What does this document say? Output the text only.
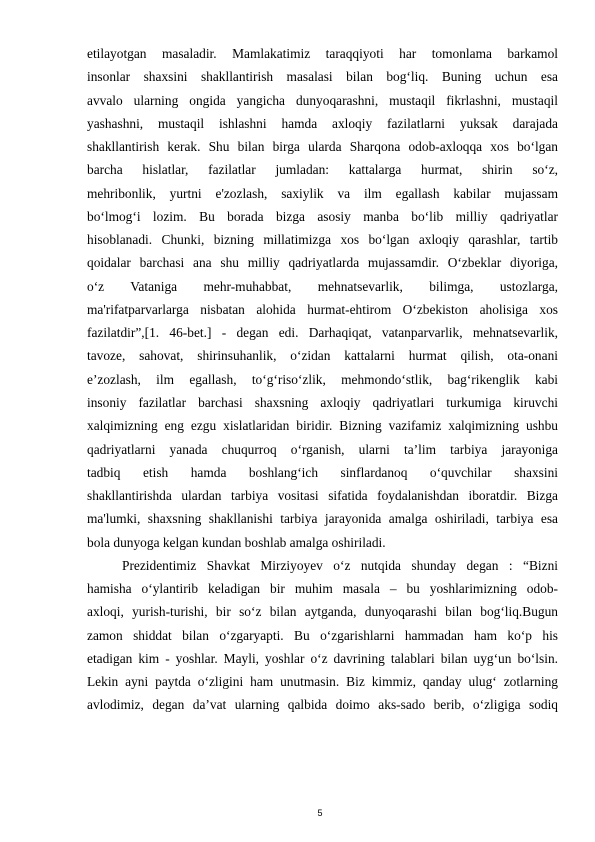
etilayotgan masaladir. Mamlakatimiz taraqqiyoti har tomonlama barkamol
insonlar shaxsini shakllantirish masalasi bilan bog‘liq. Buning uchun esa
avvalo ularning ongida yangicha dunyoqarashni, mustaqil fikrlashni, mustaqil
yashashni, mustaqil ishlashni hamda axloqiy fazilatlarni yuksak darajada
shakllantirish kerak. Shu bilan birga ularda Sharqona odob-axloqqa xos bo‘lgan
barcha hislatlar, fazilatlar jumladan: kattalarga hurmat, shirin so‘z,
mehribonlik, yurtni e'zozlash, saxiylik va ilm egallash kabilar mujassam
bo‘lmog‘i lozim. Bu borada bizga asosiy manba bo‘lib milliy qadriyatlar
hisoblanadi. Chunki, bizning millatimizga xos bo‘lgan axloqiy qarashlar, tartib
qoidalar barchasi ana shu milliy qadriyatlarda mujassamdir. O‘zbeklar diyoriga,
o‘z Vataniga mehr-muhabbat, mehnatsevarlik, bilimga, ustozlarga,
ma'rifatparvarlarga nisbatan alohida hurmat-ehtirom O‘zbekiston aholisiga xos
fazilatdir”,[1. 46-bet.] - degan edi. Darhaqiqat, vatanparvarlik, mehnatsevarlik,
tavoze, sahovat, shirinsuhanlik, o‘zidan kattalarni hurmat qilish, ota-onani
e’zozlash, ilm egallash, to‘g‘riso‘zlik, mehmondo‘stlik, bag‘rikenglik kabi
insoniy fazilatlar barchasi shaxsning axloqiy qadriyatlari turkumiga kiruvchi
xalqimizning eng ezgu xislatlaridan biridir. Bizning vazifamiz xalqimizning ushbu
qadriyatlarni yanada chuqurroq o‘rganish, ularni ta’lim tarbiya jarayoniga
tadbiq etish hamda boshlang‘ich sinflardanoq o‘quvchilar shaxsini
shakllantirishda ulardan tarbiya vositasi sifatida foydalanishdan iboratdir. Bizga
ma'lumki, shaxsning shakllanishi tarbiya jarayonida amalga oshiriladi, tarbiya esa
bola dunyoga kelgan kundan boshlab amalga oshiriladi.
Prezidentimiz Shavkat Mirziyoyev o‘z nutqida shunday degan : “Bizni
hamisha o‘ylantirib keladigan bir muhim masala – bu yoshlarimizning odob-
axloqi, yurish-turishi, bir so‘z bilan aytganda, dunyoqarashi bilan bog‘liq.Bugun
zamon shiddat bilan o‘zgaryapti. Bu o‘zgarishlarni hammadan ham ko‘p his
etadigan kim - yoshlar. Mayli, yoshlar o‘z davrining talablari bilan uyg‘un bo‘lsin.
Lekin ayni paytda o‘zligini ham unutmasin. Biz kimmiz, qanday ulug‘ zotlarning
avlodimiz, degan da’vat ularning qalbida doimo aks-sado berib, o‘zligiga sodiq
5
